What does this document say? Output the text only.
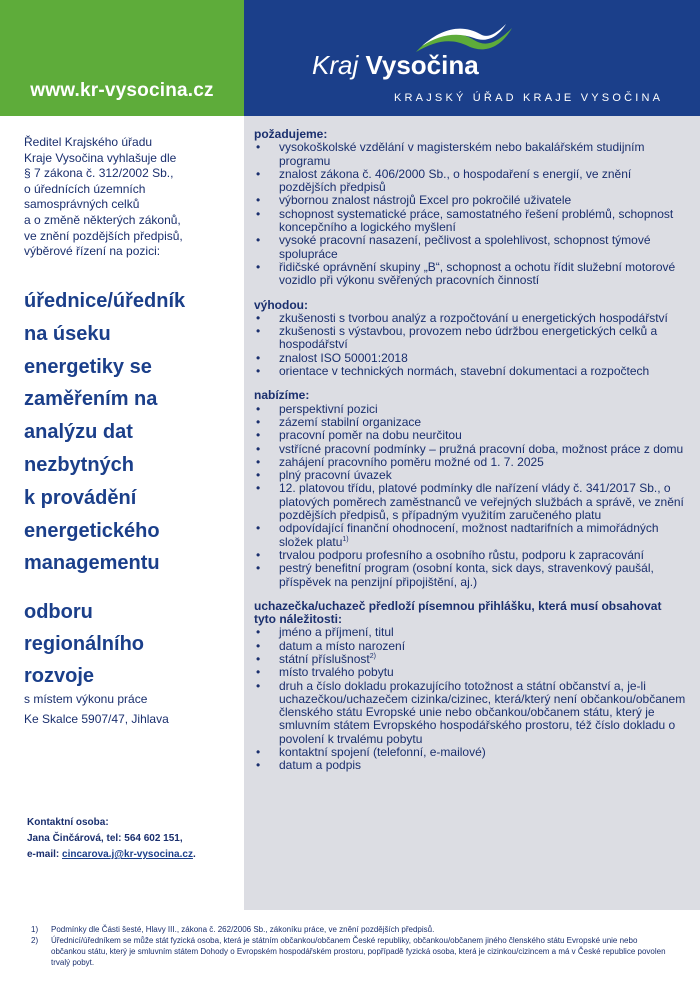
www.kr-vysocina.cz
Kraj Vysočina
KRAJSKÝ ÚŘAD KRAJE VYSOČINA
Ředitel Krajského úřadu
Kraje Vysočina vyhlašuje dle
§ 7 zákona č. 312/2002 Sb.,
o úřednících územních
samosprávných celků
a o změně některých zákonů,
ve znění pozdějších předpisů,
výběrové řízení na pozici:
úřednice/úředník
na úseku
energetiky se
zaměřením na
analýzu dat
nezbytných
k provádění
energetického
managementu
odboru
regionálního
rozvoje
s místem výkonu práce
Ke Skalce 5907/47, Jihlava
Kontaktní osoba:
Jana Činčárová, tel: 564 602 151,
e-mail: cincarova.j@kr-vysocina.cz.
požadujeme:
• vysokoškolské vzdělání v magisterském nebo bakalářském studijním programu
• znalost zákona č. 406/2000 Sb., o hospodaření s energií, ve znění pozdějších předpisů
• výbornou znalost nástrojů Excel pro pokročilé uživatele
• schopnost systematické práce, samostatného řešení problémů, schopnost koncepčního a logického myšlení
• vysoké pracovní nasazení, pečlivost a spolehlivost, schopnost týmové spolupráce
• řidičské oprávnění skupiny „B“, schopnost a ochotu řídit služební motorové vozidlo při výkonu svěřených pracovních činností
výhodou:
• zkušenosti s tvorbou analýz a rozpočtování u energetických hospodářství
• zkušenosti s výstavbou, provozem nebo údržbou energetických celků a hospodářství
• znalost ISO 50001:2018
• orientace v technických normách, stavební dokumentaci a rozpočtech
nabízíme:
• perspektivní pozici
• zázemí stabilní organizace
• pracovní poměr na dobu neurčitou
• vstřícné pracovní podmínky – pružná pracovní doba, možnost práce z domu
• zahájení pracovního poměru možné od 1. 7. 2025
• plný pracovní úvazek
• 12. platovou třídu, platové podmínky dle nařízení vlády č. 341/2017 Sb., o platových poměrech zaměstnanců ve veřejných službách a správě, ve znění pozdějších předpisů, s případným využitím zaručeného platu
• odpovídající finanční ohodnocení, možnost nadtarifních a mimořádných složek platu$^{1)}$
• trvalou podporu profesního a osobního růstu, podporu k zapracování
• pestrý benefitní program (osobní konta, sick days, stravenkový paušál, příspěvek na penzijní připojištění, aj.)
uchazečka/uchazeč předloží písemnou přihlášku, která musí obsahovat tyto náležitosti:
• jméno a příjmení, titul
• datum a místo narození
• státní příslušnost$^{2)}$
• místo trvalého pobytu
• druh a číslo dokladu prokazujícího totožnost a státní občanství a, je-li uchazečkou/uchazečem cizinka/cizinec, která/který není občankou/občanem členského státu Evropské unie nebo občankou/občanem státu, který je smluvním státem Evropského hospodářského prostoru, též číslo dokladu o povolení k trvalému pobytu
• kontaktní spojení (telefonní, e-mailové)
• datum a podpis
1) Podmínky dle Části šesté, Hlavy III., zákona č. 262/2006 Sb., zákoníku práce, ve znění pozdějších předpisů.
2) Úřednicí/úředníkem se může stát fyzická osoba, která je státním občankou/občanem České republiky, občankou/občanem jiného členského státu Evropské unie nebo občankou státu, který je smluvním státem Dohody o Evropském hospodářském prostoru, popřípadě fyzická osoba, která je cizinkou/cizincem a má v České republice povolen trvalý pobyt.
